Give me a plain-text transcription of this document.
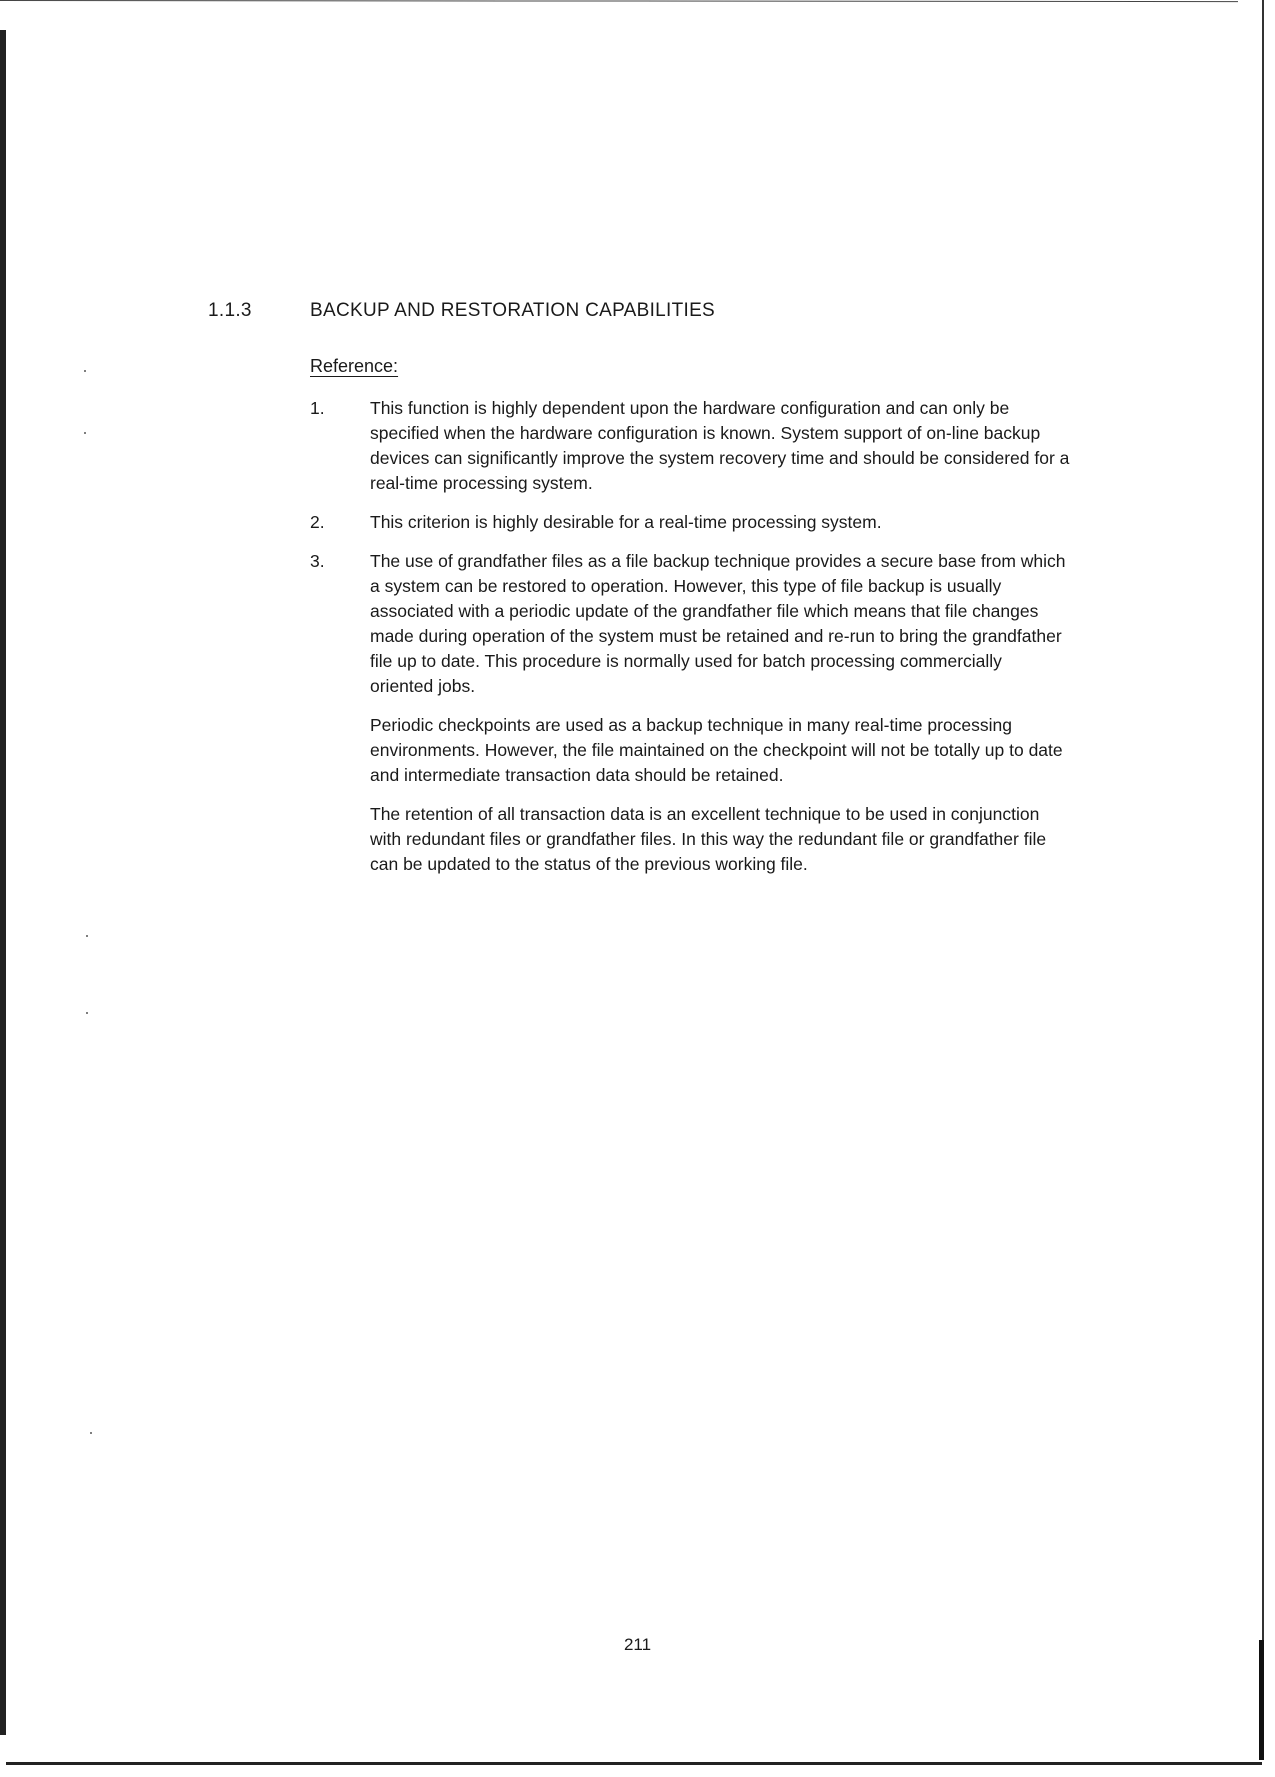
1.1.3	BACKUP AND RESTORATION CAPABILITIES
Reference:
1.	This function is highly dependent upon the hardware configuration and can only be specified when the hardware configuration is known. System support of on-line backup devices can significantly improve the system recovery time and should be considered for a real-time processing system.

2.	This criterion is highly desirable for a real-time processing system.

3.	The use of grandfather files as a file backup technique provides a secure base from which a system can be restored to operation. However, this type of file backup is usually associated with a periodic update of the grandfather file which means that file changes made during operation of the system must be retained and re-run to bring the grandfather file up to date. This procedure is normally used for batch processing commercially oriented jobs.

Periodic checkpoints are used as a backup technique in many real-time processing environments. However, the file maintained on the checkpoint will not be totally up to date and intermediate transaction data should be retained.

The retention of all transaction data is an excellent technique to be used in conjunction with redundant files or grandfather files. In this way the redundant file or grandfather file can be updated to the status of the previous working file.

211
